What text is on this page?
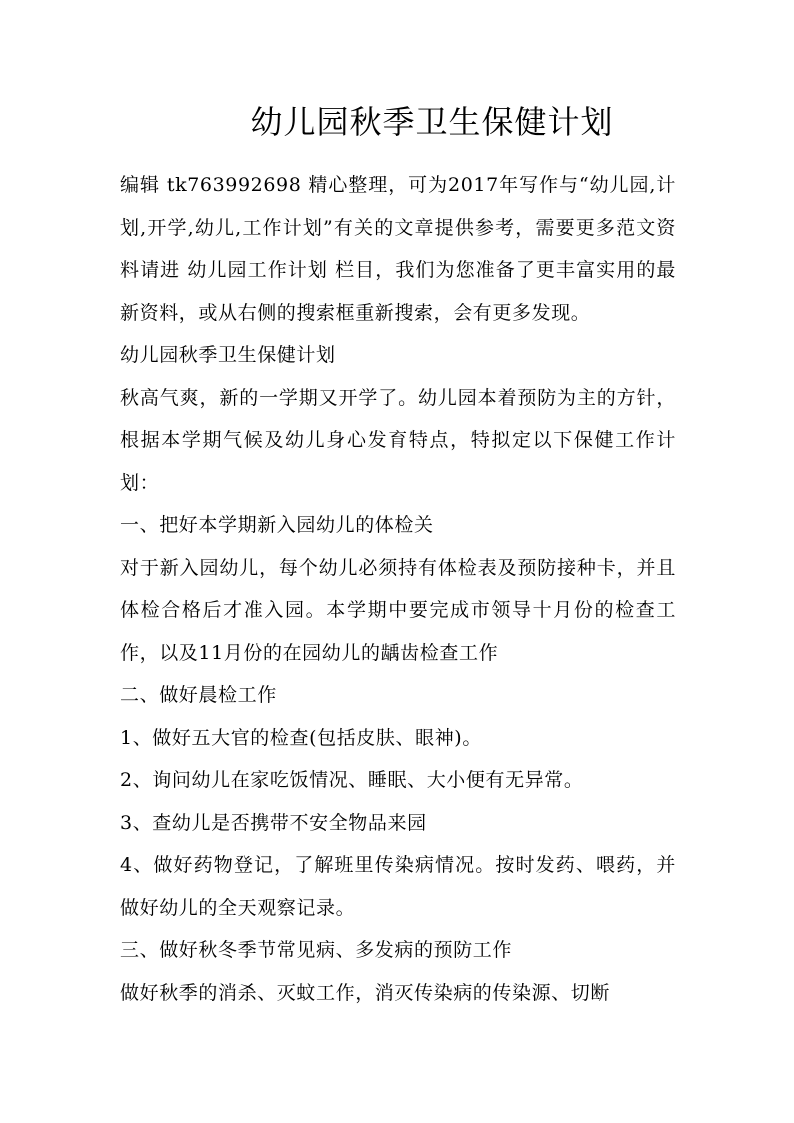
幼儿园秋季卫生保健计划

编辑 tk763992698 精心整理，可为2017年写作与“幼儿园,计划,开学,幼儿,工作计划”有关的文章提供参考，需要更多范文资料请进 幼儿园工作计划 栏目，我们为您准备了更丰富实用的最新资料，或从右侧的搜索框重新搜索，会有更多发现。

幼儿园秋季卫生保健计划

秋高气爽，新的一学期又开学了。幼儿园本着预防为主的方针，根据本学期气候及幼儿身心发育特点，特拟定以下保健工作计划：

一、把好本学期新入园幼儿的体检关

对于新入园幼儿，每个幼儿必须持有体检表及预防接种卡，并且体检合格后才准入园。本学期中要完成市领导十月份的检查工作，以及11月份的在园幼儿的龋齿检查工作

二、做好晨检工作

1、做好五大官的检查(包括皮肤、眼神)。

2、询问幼儿在家吃饭情况、睡眠、大小便有无异常。

3、查幼儿是否携带不安全物品来园

4、做好药物登记，了解班里传染病情况。按时发药、喂药，并做好幼儿的全天观察记录。

三、做好秋冬季节常见病、多发病的预防工作

做好秋季的消杀、灭蚊工作，消灭传染病的传染源、切断
